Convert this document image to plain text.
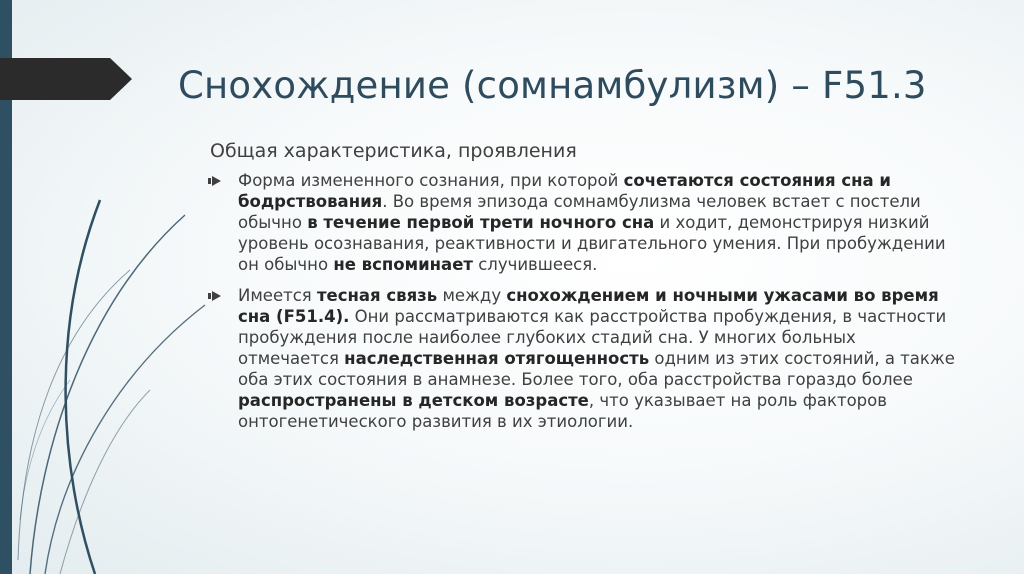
Снохождение (сомнамбулизм) – F51.3
Общая характеристика, проявления
Форма измененного сознания, при которой сочетаются состояния сна и бодрствования. Во время эпизода сомнамбулизма человек встает с постели обычно в течение первой трети ночного сна и ходит, демонстрируя низкий уровень осознавания, реактивности и двигательного умения. При пробуждении он обычно не вспоминает случившееся.
Имеется тесная связь между снохождением и ночными ужасами во время сна (F51.4). Они рассматриваются как расстройства пробуждения, в частности пробуждения после наиболее глубоких стадий сна. У многих больных отмечается наследственная отягощенность одним из этих состояний, а также оба этих состояния в анамнезе. Более того, оба расстройства гораздо более распространены в детском возрасте, что указывает на роль факторов онтогенетического развития в их этиологии.
